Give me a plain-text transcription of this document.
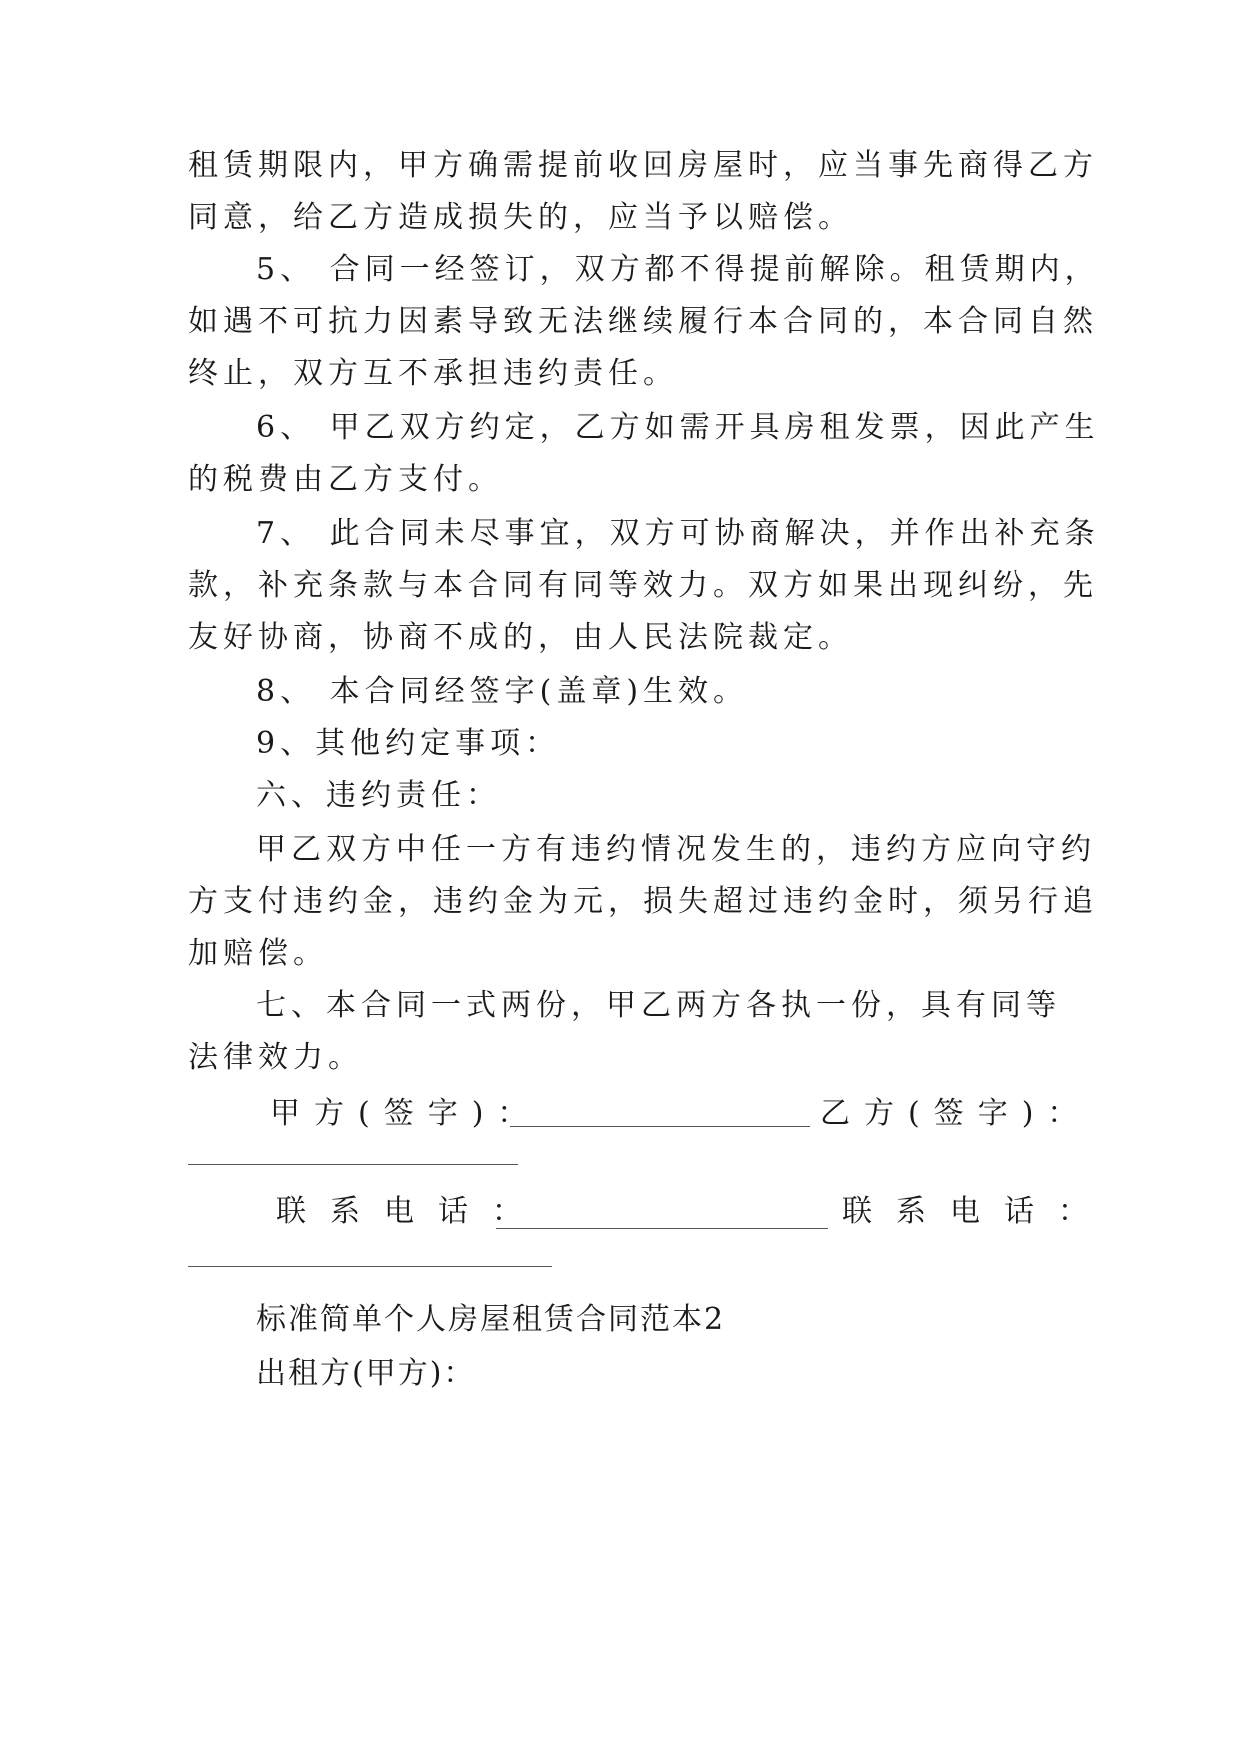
租赁期限内，甲方确需提前收回房屋时，应当事先商得乙方
同意，给乙方造成损失的，应当予以赔偿。
5、 合同一经签订，双方都不得提前解除。租赁期内，
如遇不可抗力因素导致无法继续履行本合同的，本合同自然
终止，双方互不承担违约责任。
6、 甲乙双方约定，乙方如需开具房租发票，因此产生
的税费由乙方支付。
7、 此合同未尽事宜，双方可协商解决，并作出补充条
款，补充条款与本合同有同等效力。双方如果出现纠纷，先
友好协商，协商不成的，由人民法院裁定。
8、 本合同经签字(盖章)生效。
9、其他约定事项：
六、违约责任：
甲乙双方中任一方有违约情况发生的，违约方应向守约
方支付违约金，违约金为元，损失超过违约金时，须另行追
加赔偿。
七、本合同一式两份，甲乙两方各执一份，具有同等
法律效力。
甲方(签字)：	乙方(签字)：
联系电话：	联系电话：
标准简单个人房屋租赁合同范本2
出租方(甲方)：
